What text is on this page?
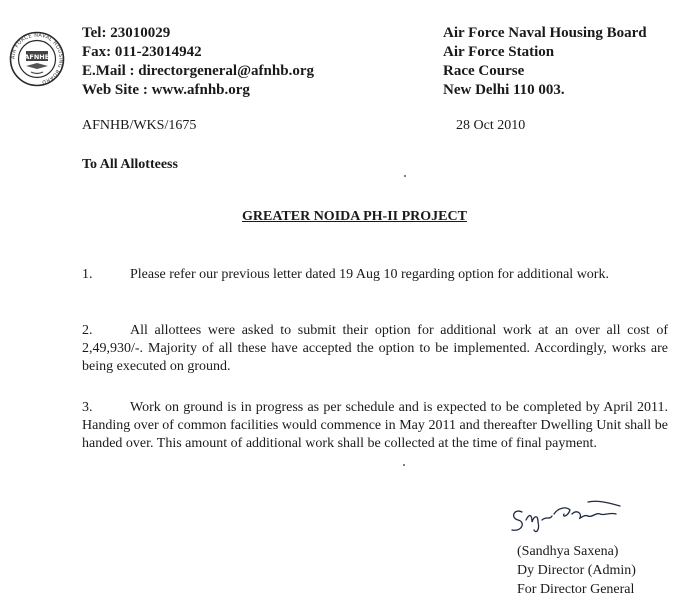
AIR FORCE NAVAL HOUSING BOARD
AFNHB
Tel: 23010029
Fax: 011-23014942
E.Mail : directorgeneral@afnhb.org
Web Site : www.afnhb.org
Air Force Naval Housing Board
Air Force Station
Race Course
New Delhi 110 003.
AFNHB/WKS/1675	28 Oct 2010
To All Allotteess
GREATER NOIDA PH-II PROJECT
1.	Please refer our previous letter dated 19 Aug 10 regarding option for additional work.
2.	All allottees were asked to submit their option for additional work at an over all cost of 2,49,930/-. Majority of all these have accepted the option to be implemented. Accordingly, works are being executed on ground.
3.	Work on ground is in progress as per schedule and is expected to be completed by April 2011. Handing over of common facilities would commence in May 2011 and thereafter Dwelling Unit shall be handed over. This amount of additional work shall be collected at the time of final payment.
(Sandhya Saxena)
Dy Director (Admin)
For Director General
